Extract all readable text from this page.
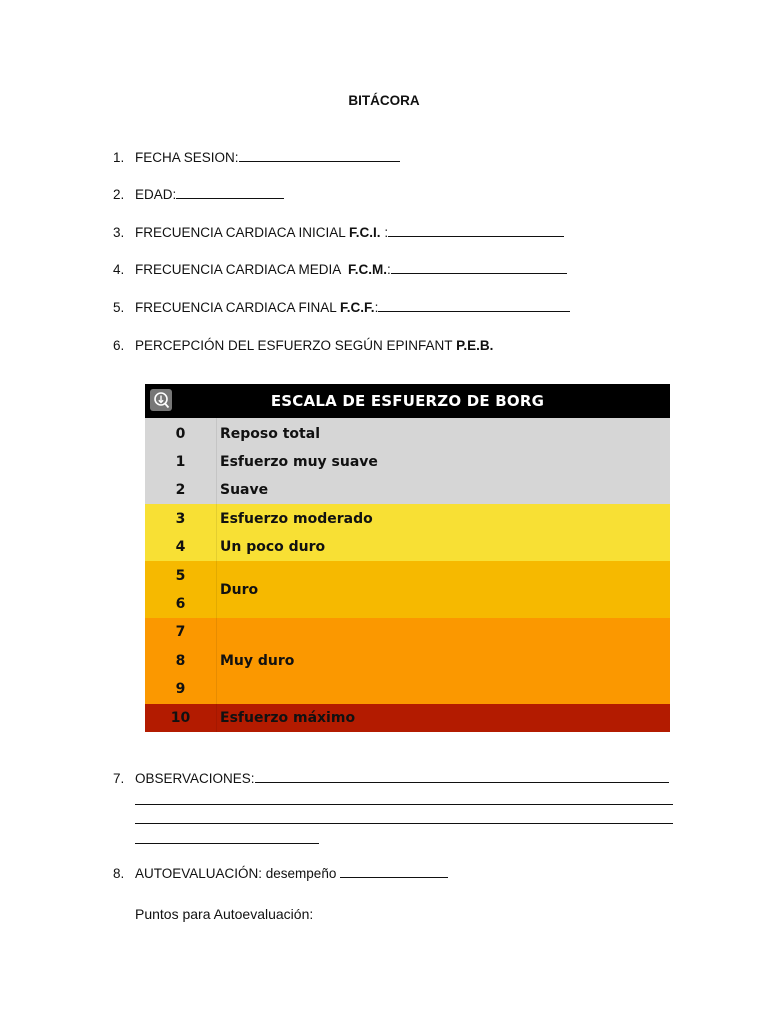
BITÁCORA
1. FECHA SESION:
2. EDAD:
3. FRECUENCIA CARDIACA INICIAL F.C.I. :
4. FRECUENCIA CARDIACA MEDIA  F.C.M.:
5. FRECUENCIA CARDIACA FINAL F.C.F.:
6. PERCEPCIÓN DEL ESFUERZO SEGÚN EPINFANT P.E.B.
ESCALA DE ESFUERZO DE BORG
0
1
2
3
4
5
6
7
8
9
10
Reposo total
Esfuerzo muy suave
Suave
Esfuerzo moderado
Un poco duro
Duro
Muy duro
Esfuerzo máximo
7. OBSERVACIONES:
8. AUTOEVALUACIÓN: desempeño
Puntos para Autoevaluación:
